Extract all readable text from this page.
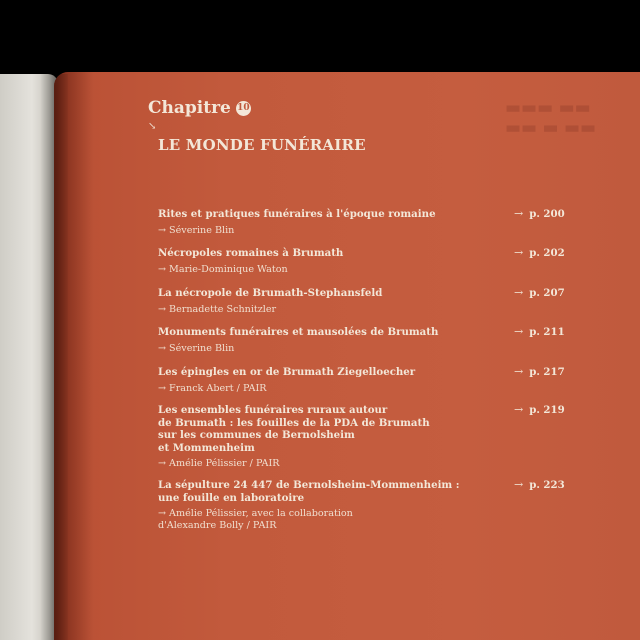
▬▬▬ ▬▬
▬▬ ▬ ▬▬
Chapitre 10
↘
LE MONDE FUNÉRAIRE
Rites et pratiques funéraires à l'époque romaine
→ Séverine Blin
→ p. 200
Nécropoles romaines à Brumath
→ Marie-Dominique Waton
→ p. 202
La nécropole de Brumath-Stephansfeld
→ Bernadette Schnitzler
→ p. 207
Monuments funéraires et mausolées de Brumath
→ Séverine Blin
→ p. 211
Les épingles en or de Brumath Ziegelloecher
→ Franck Abert / PAIR
→ p. 217
Les ensembles funéraires ruraux autour
de Brumath : les fouilles de la PDA de Brumath
sur les communes de Bernolsheim
et Mommenheim
→ Amélie Pélissier / PAIR
→ p. 219
La sépulture 24 447 de Bernolsheim-Mommenheim :
une fouille en laboratoire
→ Amélie Pélissier, avec la collaboration
d'Alexandre Bolly / PAIR
→ p. 223
